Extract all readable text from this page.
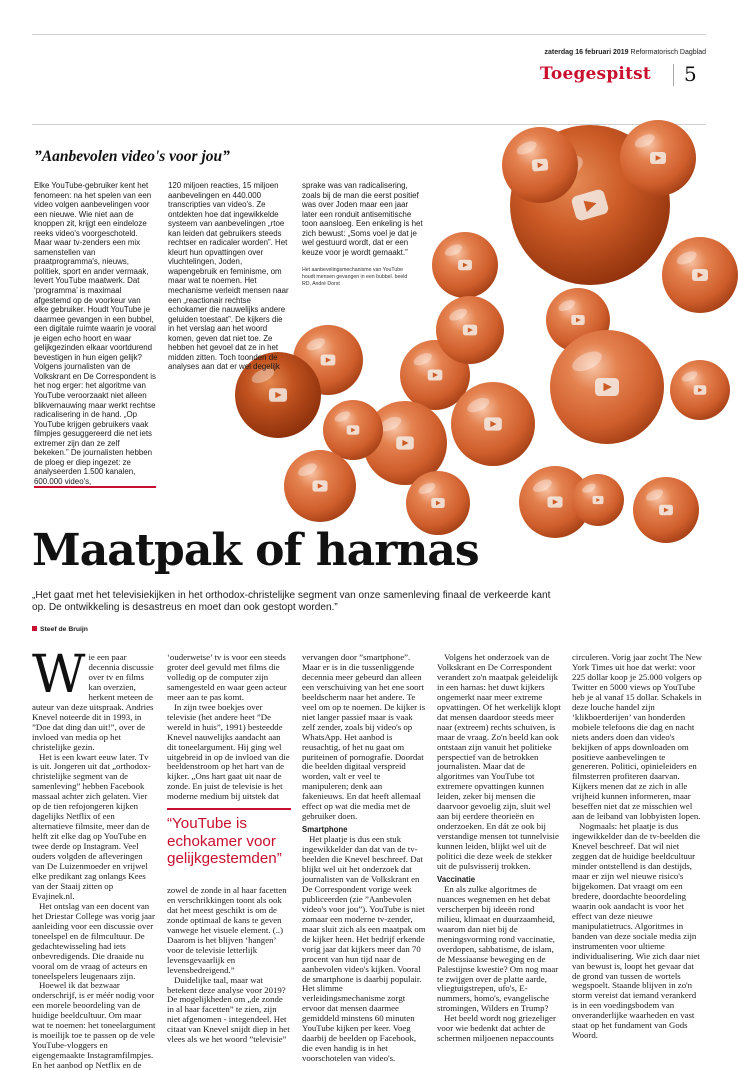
zaterdag 16 februari 2019 Reformatorisch Dagblad
Toegespitst 5
”Aanbevolen video's voor jou”
Elke YouTube-gebruiker kent het fenomeen: na het spelen van een video volgen aanbevelingen voor een nieuwe. Wie niet aan de knoppen zit, krijgt een eindeloze reeks video's voorgeschoteld. Maar waar tv-zenders een mix samenstellen van praatprogramma's, nieuws, politiek, sport en ander vermaak, levert YouTube maatwerk. Dat ‘programma’ is maximaal afgestemd op de voorkeur van elke gebruiker. Houdt YouTube je daarmee gevangen in een bubbel, een digitale ruimte waarin je vooral je eigen echo hoort en waar gelijkgezinden elkaar voortdurend bevestigen in hun eigen gelijk? Volgens journalisten van de Volkskrant en De Correspondent is het nog erger: het algoritme van YouTube veroorzaakt niet alleen blikvernauwing maar werkt rechtse radicalisering in de hand. „Op YouTube krijgen gebruikers vaak filmpjes gesuggereerd die net iets extremer zijn dan ze zelf bekeken.” De journalisten hebben de ploeg er diep ingezet: ze analyseerden 1.500 kanalen, 600.000 video's,
120 miljoen reacties, 15 miljoen aanbevelingen en 440.000 transcripties van video's. Ze ontdekten hoe dat ingewikkelde systeem van aanbevelingen „rtoe kan leiden dat gebruikers steeds rechtser en radicaler worden”. Het kleurt hun opvattingen over vluchtelingen, Joden, wapengebruik en feminisme, om maar wat te noemen. Het mechanisme verleidt mensen naar een „reactionair rechtse echokamer die nauwelijks andere geluiden toestaat”. De kijkers die in het verslag aan het woord komen, geven dat niet toe. Ze hebben het gevoel dat ze in het midden zitten. Toch toonden de analyses aan dat er wel degelijk
sprake was van radicalisering, zoals bij de man die eerst positief was over Joden maar een jaar later een ronduit antisemitische toon aansloeg. Een enkeling is het zich bewust: „Soms voel je dat je wel gestuurd wordt, dat er een keuze voor je wordt gemaakt.”
Het aanbevelingsmechanisme van YouTube houdt mensen gevangen in een bubbel. beeld RD, André Dorst
Maatpak of harnas
„Het gaat met het televisiekijken in het orthodox-christelijke segment van onze samenleving finaal de verkeerde kant op. De ontwikkeling is desastreus en moet dan ook gestopt worden.”
Steef de Bruijn
W ie een paar decennia discussie over tv en films kan overzien, herkent meteen de auteur van deze uitspraak. Andries Knevel noteerde dit in 1993, in ”Doe dat ding dan uit!”, over de invloed van media op het christelijke gezin.

Het is een kwart eeuw later. Tv is uit. Jongeren uit dat „orthodox-christelijke segment van de samenleving” hebben Facebook massaal achter zich gelaten. Vier op de tien refojongeren kijken dagelijks Netflix of een alternatieve filmsite, meer dan de helft zit elke dag op YouTube en twee derde op Instagram. Veel ouders volgden de afleveringen van De Luizenmoeder en vrijwel elke predikant zag onlangs Kees van der Staaij zitten op Evajinek.nl.

Het ontslag van een docent van het Driestar College was vorig jaar aanleiding voor een discussie over toneelspel en de filmcultuur. De gedachtewisseling had iets onbevredigends. Die draaide nu vooral om de vraag of acteurs en toneelspelers leugenaars zijn.

Hoewel ik dat bezwaar onderschrijf, is er méér nodig voor een morele beoordeling van de huidige beeldcultuur. Om maar wat te noemen: het toneelargument is moeilijk toe te passen op de vele YouTube-vloggers en eigengemaakte Instagramfilmpjes. En het aanbod op Netflix en de

‘ouderwetse’ tv is voor een steeds groter deel gevuld met films die volledig op de computer zijn samengesteld en waar geen acteur meer aan te pas komt.

In zijn twee boekjes over televisie (het andere heet ”De wereld in huis”, 1991) besteedde Knevel nauwelijks aandacht aan dit toneelargument. Hij ging wel uitgebreid in op de invloed van die beeldenstroom op het hart van de kijker. „Ons hart gaat uit naar de zonde. En juist de televisie is het moderne medium bij uitstek dat

“YouTube is echokamer voor gelijkgestemden”

zowel de zonde in al haar facetten en verschrikkingen toont als ook dat het meest geschikt is om de zonde optimaal de kans te geven vanwege het visuele element. (..) Daarom is het blijven ‘hangen’ voor de televisie letterlijk levensgevaarlijk en levensbedreigend.”

Duidelijke taal, maar wat betekent deze analyse voor 2019? De mogelijkheden om „de zonde in al haar facetten” te zien, zijn niet afgenomen - integendeel. Het citaat van Knevel snijdt diep in het vlees als we het woord ”televisie”

vervangen door ”smartphone”. Maar er is in die tussenliggende decennia meer gebeurd dan alleen een verschuiving van het ene soort beeldscherm naar het andere. Te veel om op te noemen. De kijker is niet langer passief maar is vaak zelf zender, zoals bij video's op WhatsApp. Het aanbod is reusachtig, of het nu gaat om puriteinen of pornografie. Doordat die beelden digitaal verspreid worden, valt er veel te manipuleren; denk aan fakenieuws. En dat heeft allemaal effect op wat die media met de gebruiker doen.

Smartphone

Het plaatje is dus een stuk ingewikkelder dan dat van de tv-beelden die Knevel beschreef. Dat blijkt wel uit het onderzoek dat journalisten van de Volkskrant en De Correspondent vorige week publiceerden (zie ”Aanbevolen video's voor jou”). YouTube is niet zomaar een moderne tv-zender, maar sluit zich als een maatpak om de kijker heen. Het bedrijf erkende vorig jaar dat kijkers meer dan 70 procent van hun tijd naar de aanbevolen video's kijken. Vooral de smartphone is daarbij populair. Het slimme verleidingsmechanisme zorgt ervoor dat mensen daarmee gemiddeld minstens 60 minuten YouTube kijken per keer. Voeg daarbij de beelden op Facebook, die even handig is in het voorschotelen van video's.

Volgens het onderzoek van de Volkskrant en De Correspondent verandert zo'n maatpak geleidelijk in een harnas: het duwt kijkers ongemerkt naar meer extreme opvattingen. Of het werkelijk klopt dat mensen daardoor steeds meer naar (extreem) rechts schuiven, is maar de vraag. Zo'n beeld kan ook ontstaan zijn vanuit het politieke perspectief van de betrokken journalisten. Maar dat de algoritmes van YouTube tot extremere opvattingen kunnen leiden, zeker bij mensen die daarvoor gevoelig zijn, sluit wel aan bij eerdere theorieën en onderzoeken. En dát ze ook bij verstandige mensen tot tunnelvisie kunnen leiden, blijkt wel uit de politici die deze week de stekker uit de pulsvisserij trokken.

Vaccinatie

En als zulke algoritmes de nuances wegnemen en het debat verscherpen bij ideeën rond milieu, klimaat en duurzaamheid, waarom dan niet bij de meningsvorming rond vaccinatie, overdopen, sabbatisme, de islam, de Messiaanse beweging en de Palestijnse kwestie? Om nog maar te zwijgen over de platte aarde, vliegtuigstrepen, ufo's, E-nummers, homo's, evangelische stromingen, Wilders en Trump?

Het beeld wordt nog griezeliger voor wie bedenkt dat achter de schermen miljoenen nepaccounts

circuleren. Vorig jaar zocht The New York Times uit hoe dat werkt: voor 225 dollar koop je 25.000 volgers op Twitter en 5000 views op YouTube heb je al vanaf 15 dollar. Schakels in deze louche handel zijn ‘klikboerderijen’ van honderden mobiele telefoons die dag en nacht niets anders doen dan video's bekijken of apps downloaden om positieve aanbevelingen te genereren. Politici, opinieleiders en filmsterren profiteren daarvan. Kijkers menen dat ze zich in alle vrijheid kunnen informeren, maar beseffen niet dat ze misschien wel aan de leiband van lobbyisten lopen.

Nogmaals: het plaatje is dus ingewikkelder dan de tv-beelden die Knevel beschreef. Dat wil niet zeggen dat de huidige beeldcultuur minder ontstellend is dan destijds, maar er zijn wel nieuwe risico's bijgekomen. Dat vraagt om een bredere, doordachte beoordeling waarin ook aandacht is voor het effect van deze nieuwe manipulatietrucs. Algoritmes in banden van deze sociale media zijn instrumenten voor ultieme individualisering. Wie zich daar niet van bewust is, loopt het gevaar dat de grond van tussen de wortels wegspoelt. Staande blijven in zo'n storm vereist dat iemand verankerd is in een voedingsbodem van onveranderlijke waarheden en vast staat op het fundament van Gods Woord.
